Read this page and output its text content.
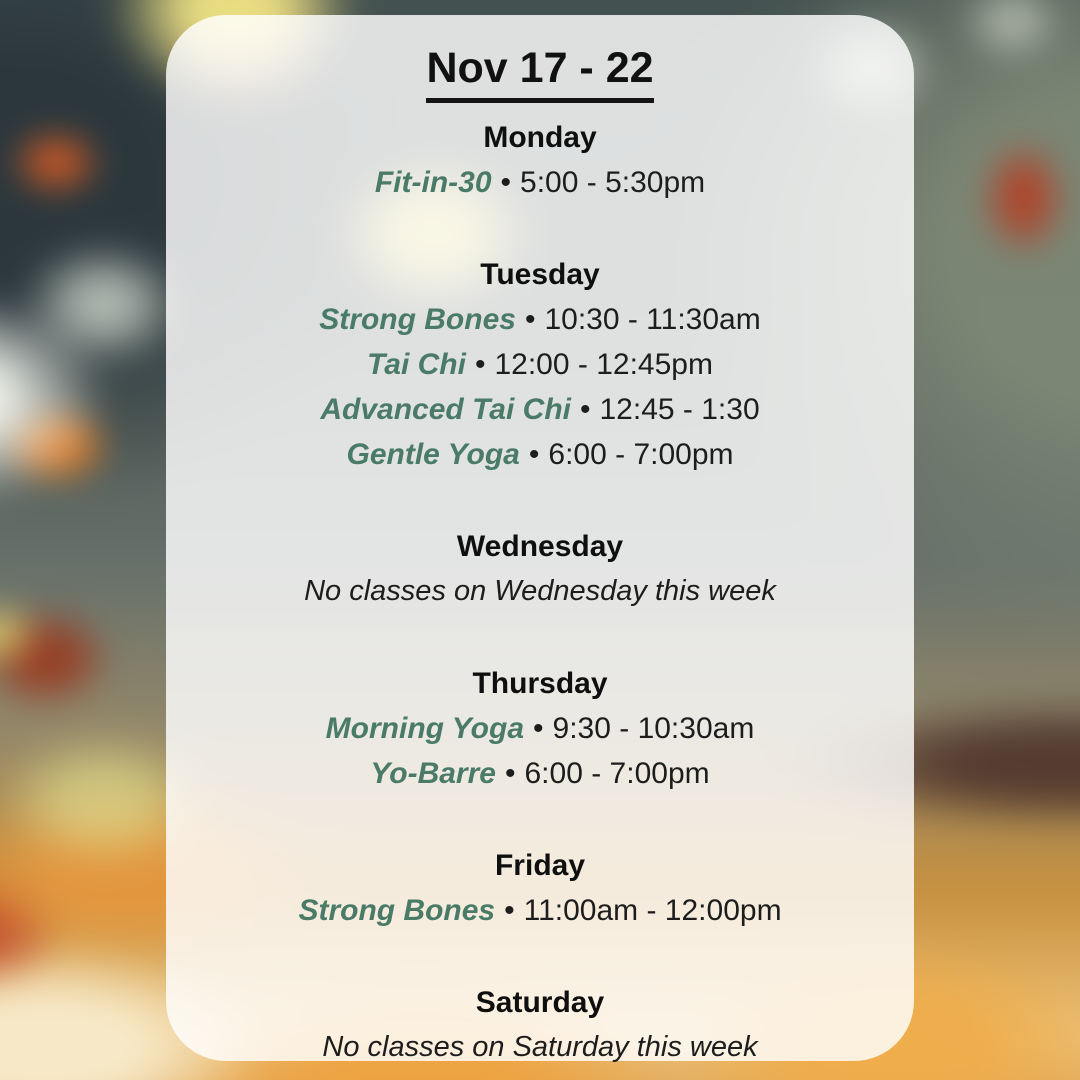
Nov 17 - 22
Monday
Fit-in-30 • 5:00 - 5:30pm
Tuesday
Strong Bones • 10:30 - 11:30am
Tai Chi • 12:00 - 12:45pm
Advanced Tai Chi • 12:45 - 1:30
Gentle Yoga • 6:00 - 7:00pm
Wednesday
No classes on Wednesday this week
Thursday
Morning Yoga • 9:30 - 10:30am
Yo-Barre • 6:00 - 7:00pm
Friday
Strong Bones • 11:00am - 12:00pm
Saturday
No classes on Saturday this week
